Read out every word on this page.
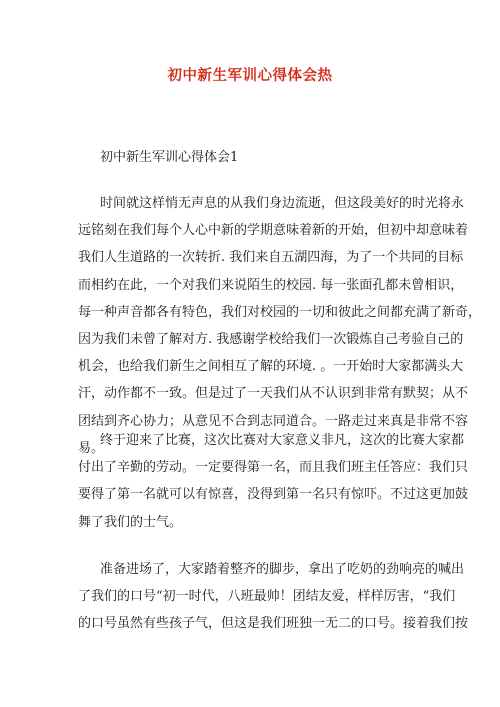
初中新生军训心得体会热
初中新生军训心得体会1
时间就这样悄无声息的从我们身边流逝，但这段美好的时光将永
远铭刻在我们每个人心中新的学期意味着新的开始，但初中却意味着
我们人生道路的一次转折. 我们来自五湖四海，为了一个共同的目标
而相约在此，一个对我们来说陌生的校园. 每一张面孔都未曾相识，
每一种声音都各有特色，我们对校园的一切和彼此之间都充满了新奇，
因为我们未曾了解对方. 我感谢学校给我们一次锻炼自己考验自己的
机会，也给我们新生之间相互了解的环境. 。一开始时大家都满头大
汗，动作都不一致。但是过了一天我们从不认识到非常有默契；从不
团结到齐心协力；从意见不合到志同道合。一路走过来真是非常不容
易。
终于迎来了比赛，这次比赛对大家意义非凡，这次的比赛大家都
付出了辛勤的劳动。一定要得第一名，而且我们班主任答应：我们只
要得了第一名就可以有惊喜，没得到第一名只有惊吓。不过这更加鼓
舞了我们的士气。
准备进场了，大家踏着整齐的脚步，拿出了吃奶的劲响亮的喊出
了我们的口号“初一时代，八班最帅！团结友爱，样样厉害，“我们
的口号虽然有些孩子气，但这是我们班独一无二的口号。接着我们按
